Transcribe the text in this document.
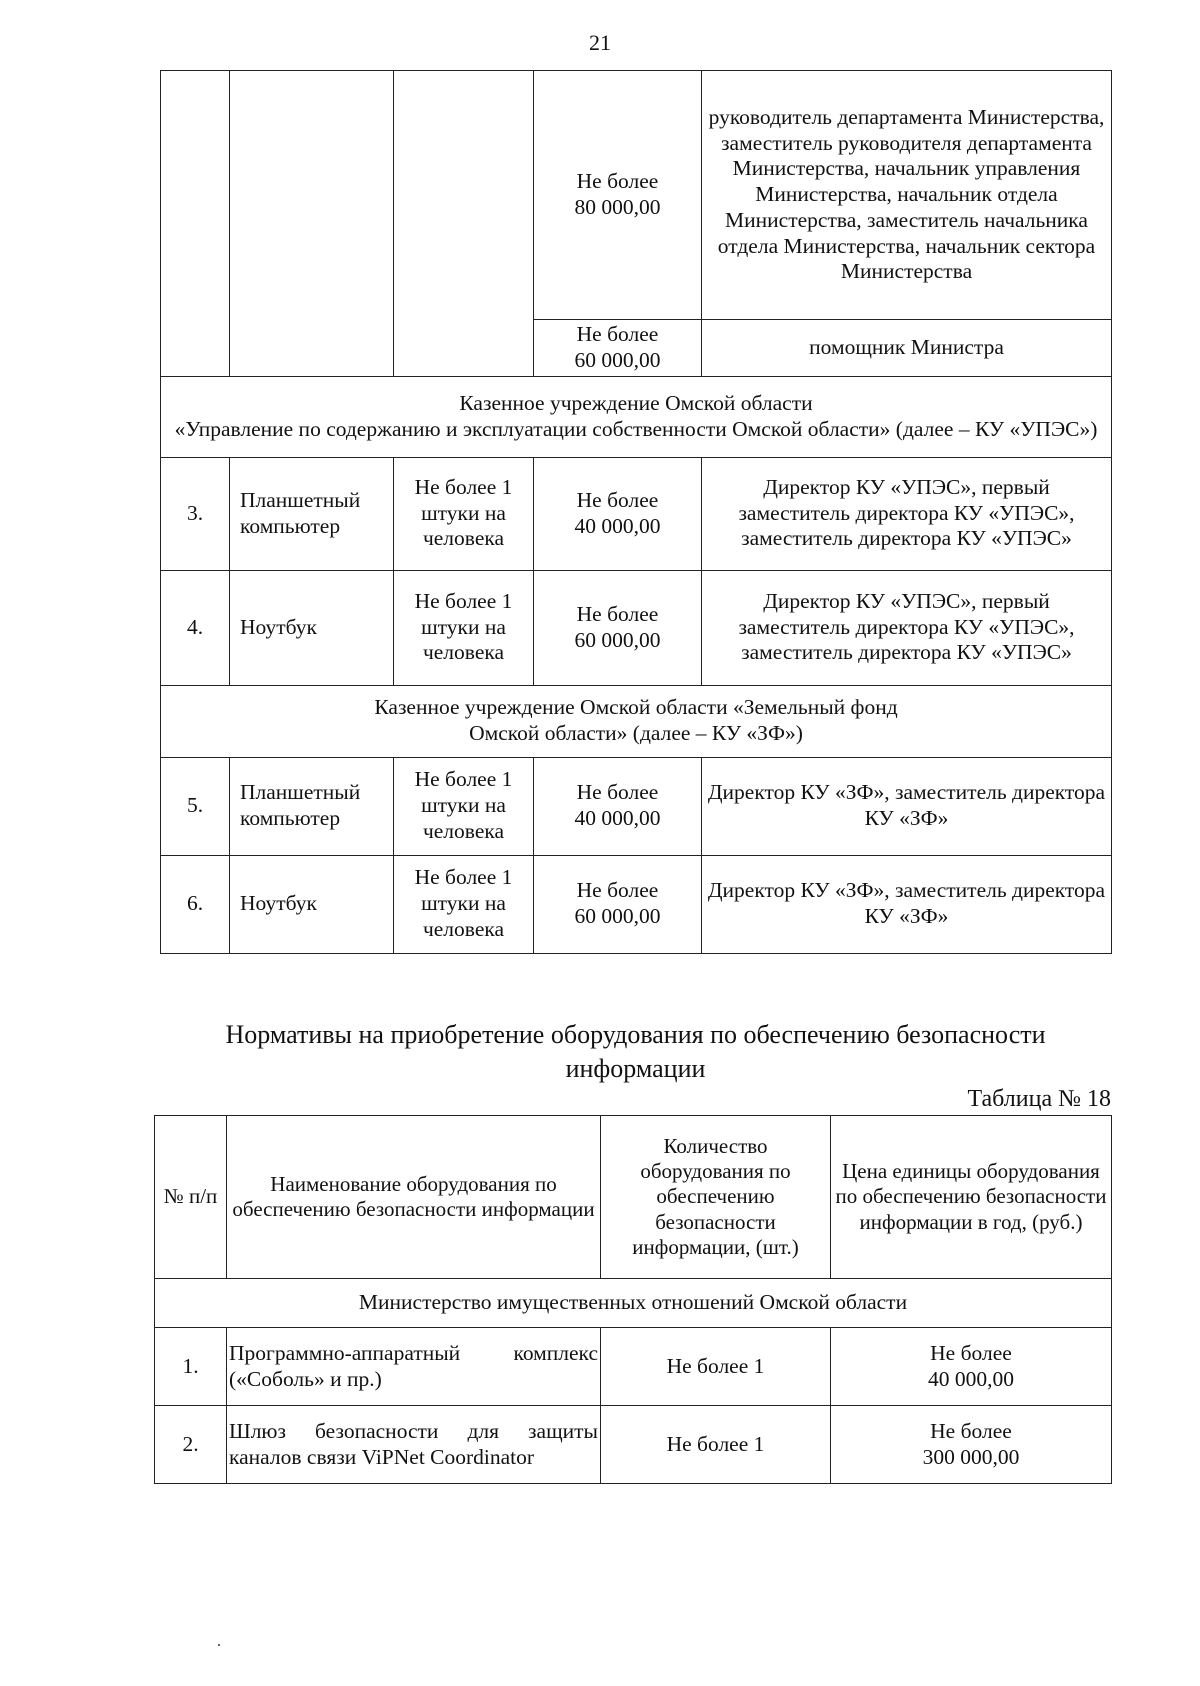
21
			Не более
80 000,00	руководитель департамента Министерства, заместитель руководителя департамента Министерства, начальник управления Министерства, начальник отдела Министерства, заместитель начальника отдела Министерства, начальник сектора Министерства
			Не более
60 000,00	помощник Министра
Казенное учреждение Омской области
«Управление по содержанию и эксплуатации собственности Омской области» (далее – КУ «УПЭС»)				
3.	Планшетный компьютер	Не более 1 штуки на человека	Не более
40 000,00	Директор КУ «УПЭС», первый заместитель директора КУ «УПЭС», заместитель директора КУ «УПЭС»
4.	Ноутбук	Не более 1 штуки на человека	Не более
60 000,00	Директор КУ «УПЭС», первый заместитель директора КУ «УПЭС», заместитель директора КУ «УПЭС»
Казенное учреждение Омской области «Земельный фонд
Омской области» (далее – КУ «ЗФ»)				
5.	Планшетный компьютер	Не более 1 штуки на человека	Не более
40 000,00	Директор КУ «ЗФ», заместитель директора КУ «ЗФ»
6.	Ноутбук	Не более 1 штуки на человека	Не более
60 000,00	Директор КУ «ЗФ», заместитель директора КУ «ЗФ»
Нормативы на приобретение оборудования по обеспечению безопасности информации
Таблица № 18
№ п/п	Наименование оборудования по обеспечению безопасности информации	Количество оборудования по обеспечению безопасности информации, (шт.)	Цена единицы оборудования по обеспечению безопасности информации в год, (руб.)
Министерство имущественных отношений Омской области			
1.	Программно-аппаратный комплекс («Соболь» и пр.)	Не более 1	Не более
40 000,00
2.	Шлюз безопасности для защиты каналов связи ViPNet Coordinator	Не более 1	Не более
300 000,00
